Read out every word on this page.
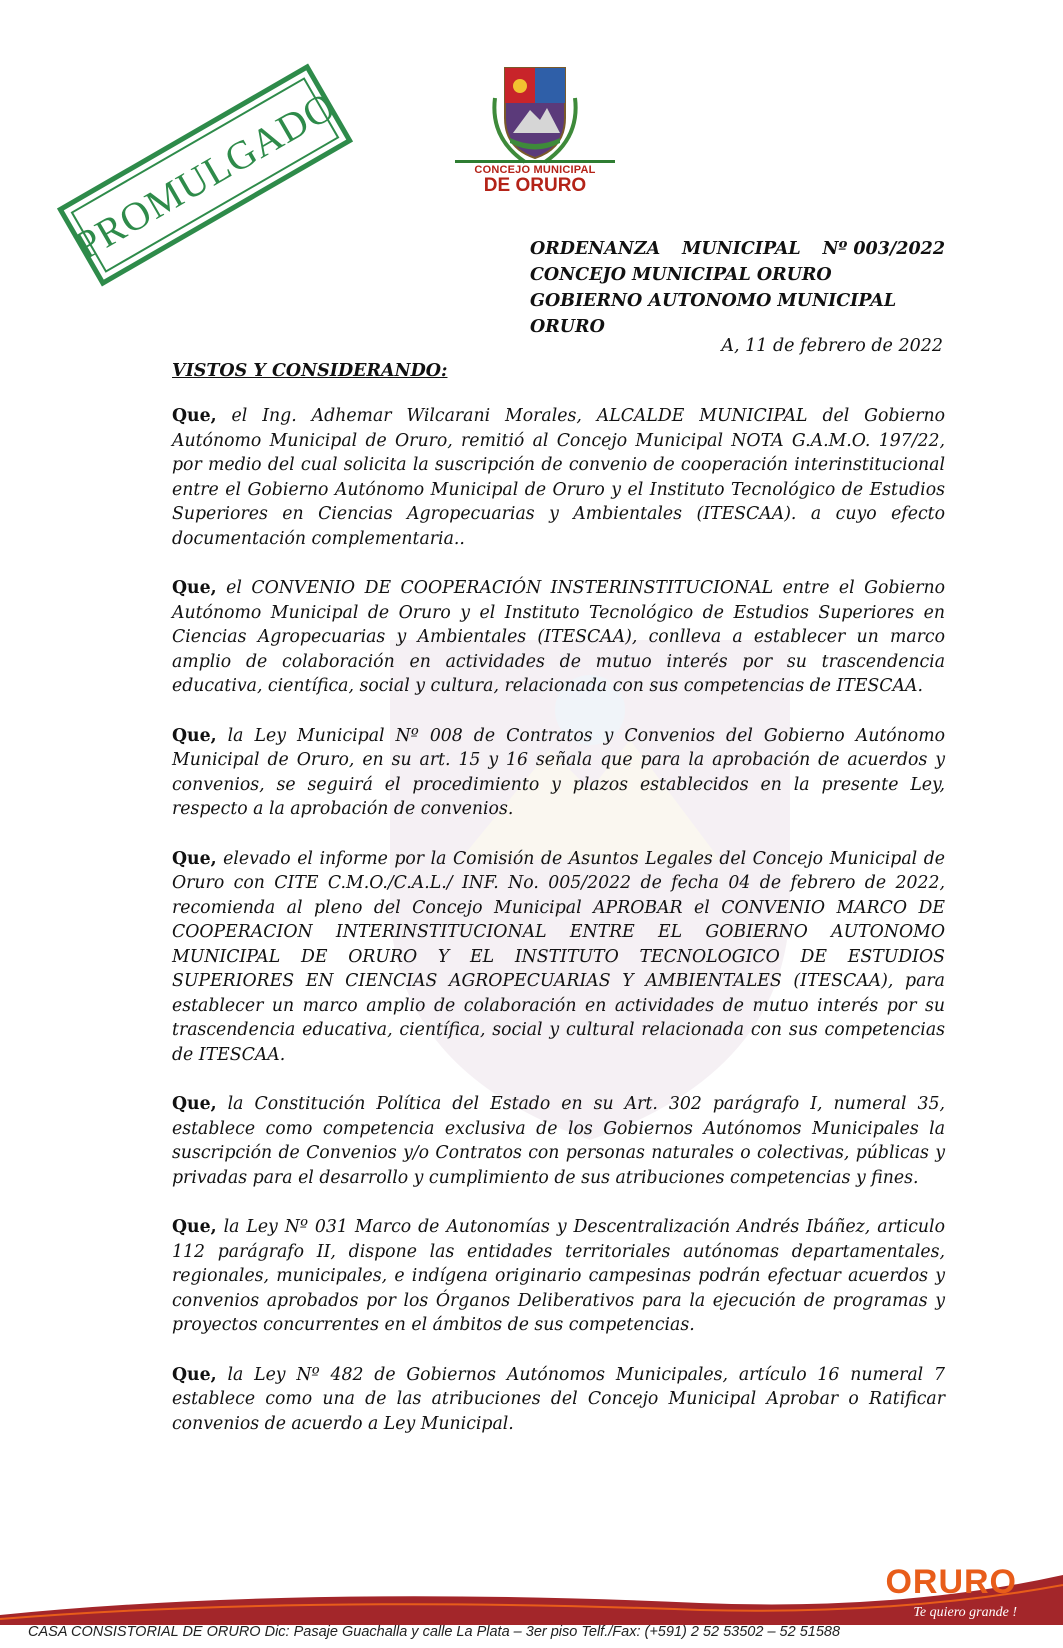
PROMULGADO	CONCEJO MUNICIPAL
DE ORURO
ORDENANZA MUNICIPAL Nº 003/2022
CONCEJO MUNICIPAL ORURO
GOBIERNO AUTONOMO MUNICIPAL ORURO
A, 11 de febrero de 2022
VISTOS Y CONSIDERANDO:

Que, el Ing. Adhemar Wilcarani Morales, ALCALDE MUNICIPAL del Gobierno Autónomo Municipal de Oruro, remitió al Concejo Municipal NOTA G.A.M.O. 197/22, por medio del cual solicita la suscripción de convenio de cooperación interinstitucional entre el Gobierno Autónomo Municipal de Oruro y el Instituto Tecnológico de Estudios Superiores en Ciencias Agropecuarias y Ambientales (ITESCAA). a cuyo efecto documentación complementaria..

Que, el CONVENIO DE COOPERACIÓN INSTERINSTITUCIONAL entre el Gobierno Autónomo Municipal de Oruro y el Instituto Tecnológico de Estudios Superiores en Ciencias Agropecuarias y Ambientales (ITESCAA), conlleva a establecer un marco amplio de colaboración en actividades de mutuo interés por su trascendencia educativa, científica, social y cultura, relacionada con sus competencias de ITESCAA.

Que, la Ley Municipal Nº 008 de Contratos y Convenios del Gobierno Autónomo Municipal de Oruro, en su art. 15 y 16 señala que para la aprobación de acuerdos y convenios, se seguirá el procedimiento y plazos establecidos en la presente Ley, respecto a la aprobación de convenios.

Que, elevado el informe por la Comisión de Asuntos Legales del Concejo Municipal de Oruro con CITE C.M.O./C.A.L./ INF. No. 005/2022 de fecha 04 de febrero de 2022, recomienda al pleno del Concejo Municipal APROBAR el CONVENIO MARCO DE COOPERACION INTERINSTITUCIONAL ENTRE EL GOBIERNO AUTONOMO MUNICIPAL DE ORURO Y EL INSTITUTO TECNOLOGICO DE ESTUDIOS SUPERIORES EN CIENCIAS AGROPECUARIAS Y AMBIENTALES (ITESCAA), para establecer un marco amplio de colaboración en actividades de mutuo interés por su trascendencia educativa, científica, social y cultural relacionada con sus competencias de ITESCAA.

Que, la Constitución Política del Estado en su Art. 302 parágrafo I, numeral 35, establece como competencia exclusiva de los Gobiernos Autónomos Municipales la suscripción de Convenios y/o Contratos con personas naturales o colectivas, públicas y privadas para el desarrollo y cumplimiento de sus atribuciones competencias y fines.

Que, la Ley Nº 031 Marco de Autonomías y Descentralización Andrés Ibáñez, articulo 112 parágrafo II, dispone las entidades territoriales autónomas departamentales, regionales, municipales, e indígena originario campesinas podrán efectuar acuerdos y convenios aprobados por los Órganos Deliberativos para la ejecución de programas y proyectos concurrentes en el ámbitos de sus competencias.

Que, la Ley Nº 482 de Gobiernos Autónomos Municipales, artículo 16 numeral 7 establece como una de las atribuciones del Concejo Municipal Aprobar o Ratificar convenios de acuerdo a Ley Municipal.

ORURO
Te quiero grande !
CASA CONSISTORIAL DE ORURO Dic: Pasaje Guachalla y calle La Plata – 3er piso Telf./Fax: (+591) 2 52 53502 – 52 51588
